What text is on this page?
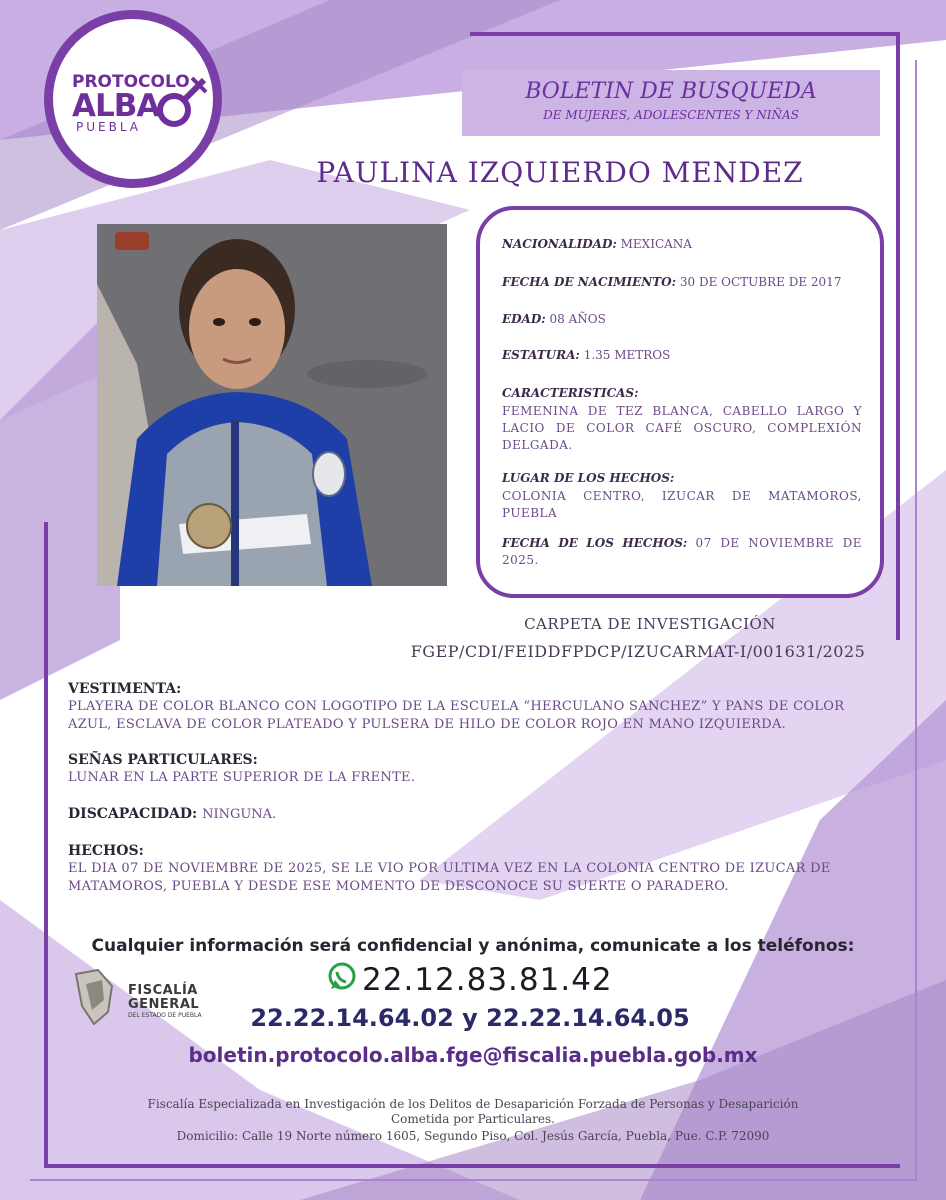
PROTOCOLO
ALBA
PUEBLA
BOLETIN DE BUSQUEDA
DE MUJERES, ADOLESCENTES Y NIÑAS
PAULINA IZQUIERDO MENDEZ
NACIONALIDAD: MEXICANA
FECHA DE NACIMIENTO: 30 DE OCTUBRE DE 2017
EDAD: 08 AÑOS
ESTATURA: 1.35 METROS
CARACTERISTICAS:
FEMENINA DE TEZ BLANCA, CABELLO LARGO Y LACIO DE COLOR CAFÉ OSCURO, COMPLEXIÓN DELGADA.
LUGAR DE LOS HECHOS:
COLONIA CENTRO, IZUCAR DE MATAMOROS, PUEBLA
FECHA DE LOS HECHOS: 07 DE NOVIEMBRE DE 2025.
CARPETA DE INVESTIGACIÓN
FGEP/CDI/FEIDDFPDCP/IZUCARMAT-I/001631/2025
VESTIMENTA:
PLAYERA DE COLOR BLANCO CON LOGOTIPO DE LA ESCUELA “HERCULANO SANCHEZ” Y PANS DE COLOR AZUL, ESCLAVA DE COLOR PLATEADO Y PULSERA DE HILO DE COLOR ROJO EN MANO IZQUIERDA.
SEÑAS PARTICULARES:
LUNAR EN LA PARTE SUPERIOR DE LA FRENTE.
DISCAPACIDAD: NINGUNA.
HECHOS:
EL DIA 07 DE NOVIEMBRE DE 2025, SE LE VIO POR ULTIMA VEZ EN LA COLONIA CENTRO DE IZUCAR DE MATAMOROS, PUEBLA Y DESDE ESE MOMENTO DE DESCONOCE SU SUERTE O PARADERO.
Cualquier información será confidencial y anónima, comunicate a los teléfonos:
22.12.83.81.42
22.22.14.64.02 y 22.22.14.64.05
boletin.protocolo.alba.fge@fiscalia.puebla.gob.mx
FISCALÍA
GENERAL
DEL ESTADO DE PUEBLA
Fiscalía Especializada en Investigación de los Delitos de Desaparición Forzada de Personas y Desaparición
Cometida por Particulares.
Domicilio: Calle 19 Norte número 1605, Segundo Piso, Col. Jesús García, Puebla, Pue. C.P. 72090
